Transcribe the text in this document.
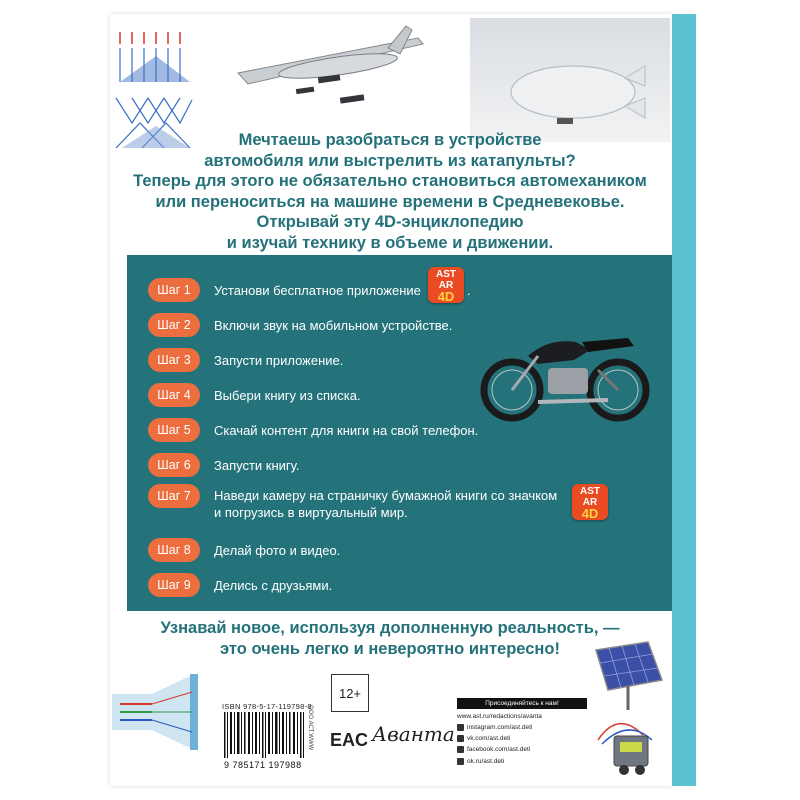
Мечтаешь разобраться в устройстве
автомобиля или выстрелить из катапульты?
Теперь для этого не обязательно становиться автомехаником
или переноситься на машине времени в Средневековье.
Открывай эту 4D-энциклопедию
и изучай технику в объеме и движении.
Шаг 1	Установи бесплатное приложение
AST AR
4D .
Шаг 2	Включи звук на мобильном устройстве.
Шаг 3	Запусти приложение.
Шаг 4	Выбери книгу из списка.
Шаг 5	Скачай контент для книги на свой телефон.
Шаг 6	Запусти книгу.
Шаг 7	Наведи камеру на страничку бумажной книги со значком
и погрузись в виртуальный мир.
AST AR
4D
Шаг 8	Делай фото и видео.
Шаг 9	Делись с друзьями.
Узнавай новое, используя дополненную реальность, —
это очень легко и невероятно интересно!
12+
ISBN 978-5-17-119798-8
9 785171 197988
ООО АСТ.WWW EAC Аванта
Присоединяйтесь к нам!
www.ast.ru/redactions/avanta
instagram.com/ast.deti
vk.com/ast.deti
facebook.com/ast.deti
ok.ru/ast.deti
